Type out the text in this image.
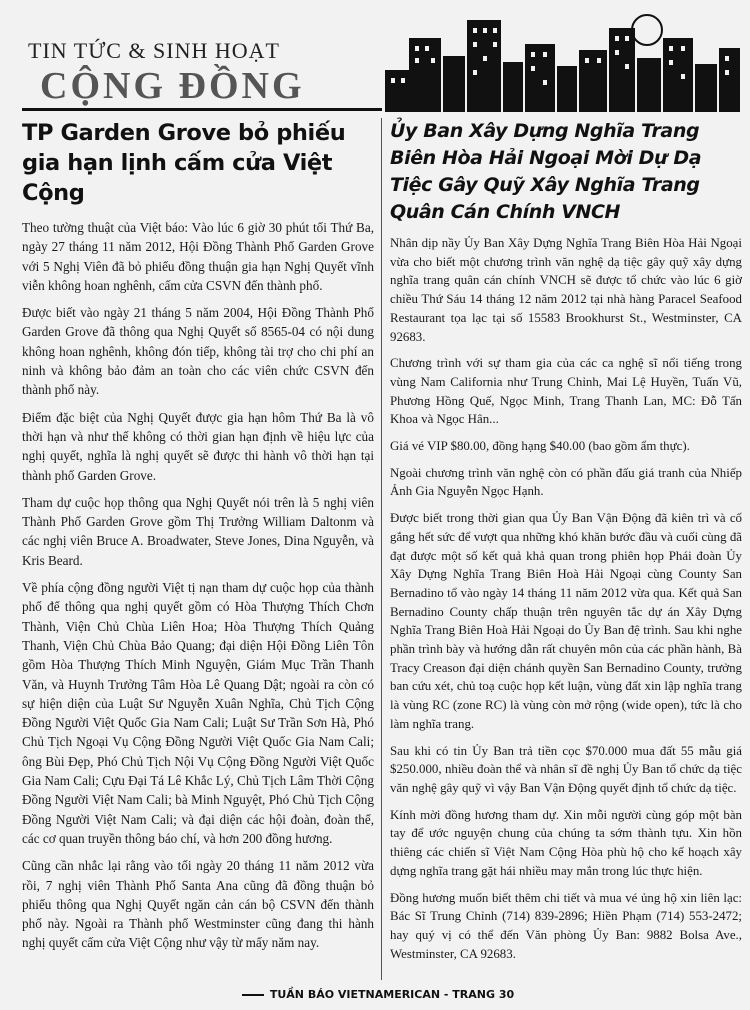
TIN TỨC & SINH HOẠT
CỘNG ĐỒNG
TP Garden Grove bỏ phiếu gia hạn lịnh cấm cửa Việt Cộng

Theo tường thuật của Việt báo: Vào lúc 6 giờ 30 phút tối Thứ Ba, ngày 27 tháng 11 năm 2012, Hội Đồng Thành Phố Garden Grove với 5 Nghị Viên đã bỏ phiếu đồng thuận gia hạn Nghị Quyết vĩnh viễn không hoan nghênh, cấm cửa CSVN đến thành phố.

Được biết vào ngày 21 tháng 5 năm 2004, Hội Đồng Thành Phố Garden Grove đã thông qua Nghị Quyết số 8565-04 có nội dung không hoan nghênh, không đón tiếp, không tài trợ cho chi phí an ninh và không bảo đảm an toàn cho các viên chức CSVN đến thành phố này.

Điểm đặc biệt của Nghị Quyết được gia hạn hôm Thứ Ba là vô thời hạn và như thế không có thời gian hạn định về hiệu lực của nghị quyết, nghĩa là nghị quyết sẽ được thi hành vô thời hạn tại thành phố Garden Grove.

Tham dự cuộc họp thông qua Nghị Quyết nói trên là 5 nghị viên Thành Phố Garden Grove gồm Thị Trưởng William Daltonm và các nghị viên Bruce A. Broadwater, Steve Jones, Dina Nguyễn, và Kris Beard.

Về phía cộng đồng người Việt tị nạn tham dự cuộc họp của thành phố để thông qua nghị quyết gồm có Hòa Thượng Thích Chơn Thành, Viện Chủ Chùa Liên Hoa; Hòa Thượng Thích Quảng Thanh, Viện Chủ Chùa Bảo Quang; đại diện Hội Đồng Liên Tôn gồm Hòa Thượng Thích Minh Nguyện, Giám Mục Trần Thanh Văn, và Huynh Trưởng Tâm Hòa Lê Quang Dật; ngoài ra còn có sự hiện diện của Luật Sư Nguyễn Xuân Nghĩa, Chủ Tịch Cộng Đồng Người Việt Quốc Gia Nam Cali; Luật Sư Trần Sơn Hà, Phó Chủ Tịch Ngoại Vụ Cộng Đồng Người Việt Quốc Gia Nam Cali; ông Bùi Đẹp, Phó Chủ Tịch Nội Vụ Cộng Đồng Người Việt Quốc Gia Nam Cali; Cựu Đại Tá Lê Khắc Lý, Chủ Tịch Lâm Thời Cộng Đồng Người Việt Nam Cali; bà Minh Nguyệt, Phó Chủ Tịch Cộng Đồng Người Việt Nam Cali; và đại diện các hội đoàn, đoàn thể, các cơ quan truyền thông báo chí, và hơn 200 đồng hương.

Cũng cần nhắc lại rằng vào tối ngày 20 tháng 11 năm 2012 vừa rồi, 7 nghị viên Thành Phố Santa Ana cũng đã đồng thuận bỏ phiếu thông qua Nghị Quyết ngăn cản cán bộ CSVN đến thành phố này. Ngoài ra Thành phố Westminster cũng đang thi hành nghị quyết cấm cửa Việt Cộng như vậy từ mấy năm nay.

Ủy Ban Xây Dựng Nghĩa Trang Biên Hòa Hải Ngoại Mời Dự Dạ Tiệc Gây Quỹ Xây Nghĩa Trang Quân Cán Chính VNCH

Nhân dịp nầy Ủy Ban Xây Dựng Nghĩa Trang Biên Hòa Hải Ngoại vừa cho biết một chương trình văn nghệ dạ tiệc gây quỹ xây dựng nghĩa trang quân cán chính VNCH sẽ được tổ chức vào lúc 6 giờ chiều Thứ Sáu 14 tháng 12 năm 2012 tại nhà hàng Paracel Seafood Restaurant tọa lạc tại số 15583 Brookhurst St., Westminster, CA 92683.

Chương trình với sự tham gia của các ca nghệ sĩ nổi tiếng trong vùng Nam California như Trung Chỉnh, Mai Lệ Huyền, Tuấn Vũ, Phương Hồng Quế, Ngọc Minh, Trang Thanh Lan, MC: Đỗ Tấn Khoa và Ngọc Hân...

Giá vé VIP $80.00, đồng hạng $40.00 (bao gồm ẩm thực).

Ngoài chương trình văn nghệ còn có phần đấu giá tranh của Nhiếp Ảnh Gia Nguyễn Ngọc Hạnh.

Được biết trong thời gian qua Ủy Ban Vận Động đã kiên trì và cố gắng hết sức để vượt qua những khó khăn bước đầu và cuối cùng đã đạt được một số kết quả khả quan trong phiên họp Phái đoàn Ủy Xây Dựng Nghĩa Trang Biên Hoà Hải Ngoại cùng County San Bernadino tổ vào ngày 14 tháng 11 năm 2012 vừa qua. Kết quả San Bernadino County chấp thuận trên nguyên tắc dự án Xây Dựng Nghĩa Trang Biên Hoà Hải Ngoại do Ủy Ban đệ trình. Sau khi nghe phần trình bày và hướng dẫn rất chuyên môn của các phần hành, Bà Tracy Creason đại diện chánh quyền San Bernadino County, trưởng ban cứu xét, chủ toạ cuộc họp kết luận, vùng đất xin lập nghĩa trang là vùng RC (zone RC) là vùng còn mở rộng (wide open), tức là cho làm nghĩa trang.

Sau khi có tin Ủy Ban trả tiền cọc $70.000 mua đất 55 mẫu giá $250.000, nhiều đoàn thể và nhân sĩ đề nghị Ủy Ban tổ chức dạ tiệc văn nghệ gây quỹ vì vậy Ban Vận Động quyết định tổ chức dạ tiệc.

Kính mời đồng hương tham dự. Xin mỗi người cùng góp một bàn tay để ước nguyện chung của chúng ta sớm thành tựu. Xin hồn thiêng các chiến sĩ Việt Nam Cộng Hòa phù hộ cho kế hoạch xây dựng nghĩa trang gặt hái nhiều may mắn trong lúc thực hiện.

Đồng hương muốn biết thêm chi tiết và mua vé ủng hộ xin liên lạc: Bác Sĩ Trung Chỉnh (714) 839-2896; Hiền Phạm (714) 553-2472; hay quý vị có thể đến Văn phòng Ủy Ban: 9882 Bolsa Ave., Westminster, CA 92683.

TUẦN BÁO VIETNAMERICAN - TRANG 30
